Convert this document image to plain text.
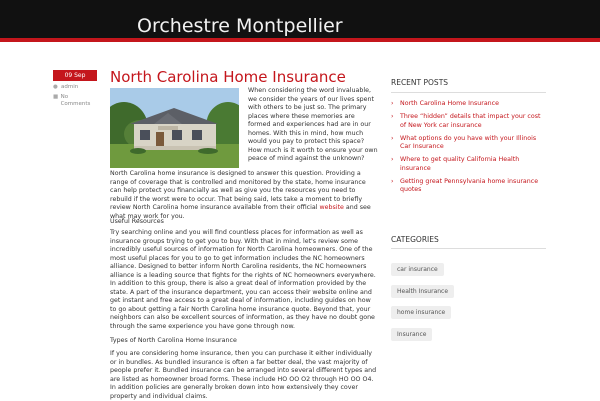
Orchestre Montpellier
09 Sep
● admin
■ No Comments
North Carolina Home Insurance

When considering the word invaluable, we consider the years of our lives spent with others to be just so. The primary places where these memories are formed and experiences had are in our homes. With this in mind, how much would you pay to protect this space? How much is it worth to ensure your own peace of mind against the unknown?

North Carolina home insurance is designed to answer this question. Providing a range of coverage that is controlled and monitored by the state, home insurance can help protect you financially as well as give you the resources you need to rebuild if the worst were to occur. That being said, lets take a moment to briefly review North Carolina home insurance available from their official website and see what may work for you.

Useful Resources

Try searching online and you will find countless places for information as well as insurance groups trying to get you to buy. With that in mind, let's review some incredibly useful sources of information for North Carolina homeowners. One of the most useful places for you to go to get information includes the NC homeowners alliance. Designed to better inform North Carolina residents, the NC homeowners alliance is a leading source that fights for the rights of NC homeowners everywhere. In addition to this group, there is also a great deal of information provided by the state. A part of the insurance department, you can access their website online and get instant and free access to a great deal of information, including guides on how to go about getting a fair North Carolina home insurance quote. Beyond that, your neighbors can also be excellent sources of information, as they have no doubt gone through the same experience you have gone through now.

Types of North Carolina Home Insurance

If you are considering home insurance, then you can purchase it either individually or in bundles. As bundled insurance is often a far better deal, the vast majority of people prefer it. Bundled insurance can be arranged into several different types and are listed as homeowner broad forms. These include HO OO O2 through HO OO O4. In addition policies are generally broken down into how extensively they cover property and individual claims.

RECENT POSTS
›	North Carolina Home Insurance
›	Three “hidden” details that impact your cost of New York car insurance
›	What options do you have with your Illinois Car Insurance
›	Where to get quality California Health insurance
›	Getting great Pennsylvania home insurance quotes
CATEGORIES
car insurance
Health Insurance
home insurance
Insurance
